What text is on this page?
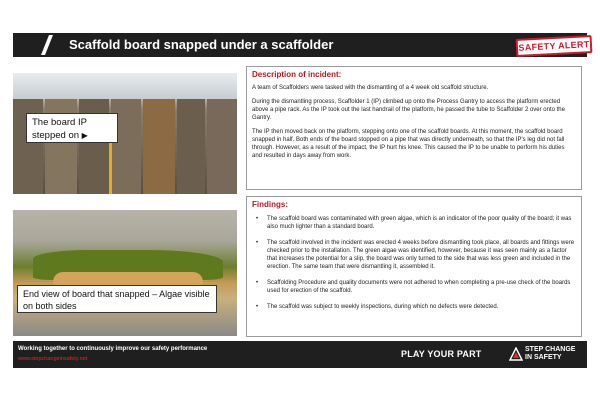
Scaffold board snapped under a scaffolder	SAFETY ALERT
The board IP stepped on ▶
End view of board that snapped – Algae visible on both sides
Description of incident:

A team of Scaffolders were tasked with the dismantling of a 4 week old scaffold structure.

During the dismantling process, Scaffolder 1 (IP) climbed up onto the Process Gantry to access the platform erected above a pipe rack. As the IP took out the last handrail of the platform, he passed the tube to Scaffolder 2 over onto the Gantry.

The IP then moved back on the platform, stepping onto one of the scaffold boards. At this moment, the scaffold board snapped in half. Both ends of the board stopped on a pipe that was directly underneath, so that the IP's leg did not fall through. However, as a result of the impact, the IP hurt his knee. This caused the IP to be unable to perform his duties and resulted in days away from work.

Findings:
• The scaffold board was contaminated with green algae, which is an indicator of the poor quality of the board; it was also much lighter than a standard board.
• The scaffold involved in the incident was erected 4 weeks before dismantling took place, all boards and fittings were checked prior to the installation. The green algae was identified, however, because it was seen mainly as a factor that increases the potential for a slip, the board was only turned to the side that was less green and included in the erection. The same team that were dismantling it, assembled it.
• Scaffolding Procedure and quality documents were not adhered to when completing a pre-use check of the boards used for erection of the scaffold.
• The scaffold was subject to weekly inspections, during which no defects were detected.
Working together to continuously improve our safety performance
www.stepchangeinsafety.net	PLAY YOUR PART	STEP CHANGE
IN SAFETY
